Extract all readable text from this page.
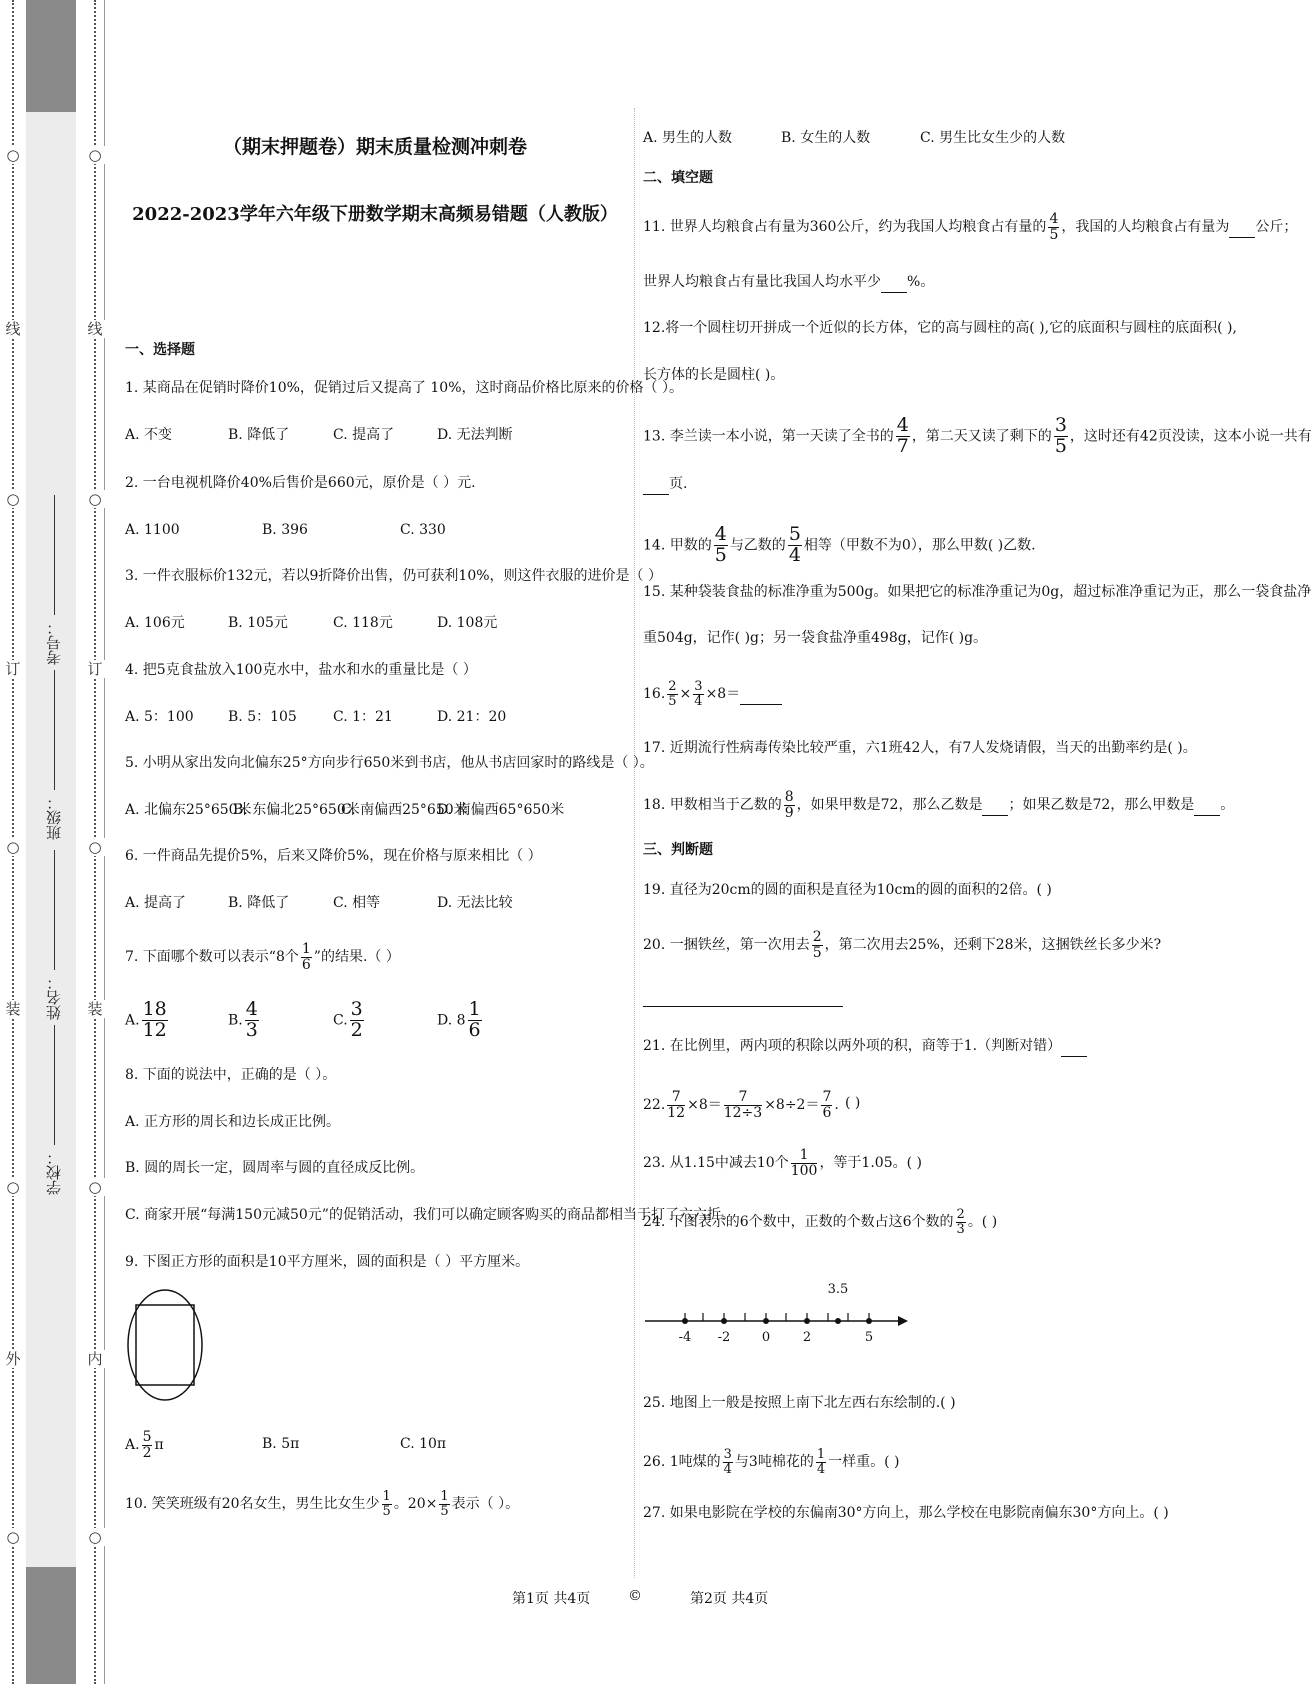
○
线
○
订
○
装
○
外
○
○
线
○
订
○
装
○
内
○
考号：
班级：
姓名：
学校：
（期末押题卷）期末质量检测冲刺卷
2022-2023学年六年级下册数学期末高频易错题（人教版）
一、选择题
1. 某商品在促销时降价10%，促销过后又提高了 10%，这时商品价格比原来的价格（ ）。
A. 不变	B. 降低了	C. 提高了	D. 无法判断
2. 一台电视机降价40%后售价是660元，原价是（ ）元.
A. 1100	B. 396	C. 330
3. 一件衣服标价132元，若以9折降价出售，仍可获利10%，则这件衣服的进价是（ ）
A. 106元	B. 105元	C. 118元	D. 108元
4. 把5克食盐放入100克水中，盐水和水的重量比是（ ）
A. 5：100 B. 5：105	C. 1：21	D. 21：20
5. 小明从家出发向北偏东25°方向步行650米到书店，他从书店回家时的路线是（ ）。
A. 北偏东25°650米
B. 东偏北25°650米
C. 南偏西25°650米
D. 南偏西65°650米
6. 一件商品先提价5%，后来又降价5%，现在价格与原来相比（ ）
A. 提高了	B. 降低了	C. 相等	D. 无法比较
7. 下面哪个数可以表示“8个 $\frac{1}{6}$ ”的结果.（ ）
A. $\frac{18}{12}$	B. $\frac{4}{3}$	C. $\frac{3}{2}$	D. $8 \frac{1}{6}$
8. 下面的说法中，正确的是（ ）。
A. 正方形的周长和边长成正比例。
B. 圆的周长一定，圆周率与圆的直径成反比例。
C. 商家开展“每满150元减50元”的促销活动，我们可以确定顾客购买的商品都相当于打了六六折。
9. 下图正方形的面积是10平方厘米，圆的面积是（ ）平方厘米。
A. $\frac{5}{2}$ π	B. 5π	C. 10π
10. 笑笑班级有20名女生，男生比女生少 $\frac{1}{5}$ 。$20\times \frac{1}{5}$ 表示（ ）。
A. 男生的人数	B. 女生的人数	C. 男生比女生少的人数
二、填空题
11. 世界人均粮食占有量为360公斤，约为我国人均粮食占有量的 $\frac{4}{5}$ ，我国的人均粮食占有量为 公斤；
世界人均粮食占有量比我国人均水平少 %。
12.将一个圆柱切开拼成一个近似的长方体，它的高与圆柱的高( ),它的底面积与圆柱的底面积( ),
长方体的长是圆柱( )。
13. 李兰读一本小说，第一天读了全书的 $\frac{4}{7}$ ，第二天又读了剩下的 $\frac{3}{5}$ ，这时还有42页没读，这本小说一共有
页.
14. 甲数的 $\frac{4}{5}$ 与乙数的 $\frac{5}{4}$ 相等（甲数不为0），那么甲数( )乙数.
15. 某种袋装食盐的标准净重为500g。如果把它的标准净重记为0g，超过标准净重记为正，那么一袋食盐净
重504g，记作( )g；另一袋食盐净重498g，记作( )g。
16. $\frac{2}{5} \times \frac{3}{4} \times 8=$
17. 近期流行性病毒传染比较严重，六1班42人，有7人发烧请假，当天的出勤率约是( )。
18. 甲数相当于乙数的 $\frac{8}{9}$ ，如果甲数是72，那么乙数是 ；如果乙数是72，那么甲数是 。
三、判断题
19. 直径为20cm的圆的面积是直径为10cm的圆的面积的2倍。( )
20. 一捆铁丝，第一次用去 $\frac{2}{5}$ ，第二次用去25%，还剩下28米，这捆铁丝长多少米?
21. 在比例里，两内项的积除以两外项的积，商等于1.（判断对错）
22. $\frac{7}{12} \times 8= \frac{7}{12\div 3} \times 8\div 2= \frac{7}{6}$ . ( )
23. 从1.15中减去10个 $\frac{1}{100}$ ，等于1.05。( )
24. 下图表示的6个数中，正数的个数占这6个数的 $\frac{2}{3}$ 。( )
-4 -2 0	2	5
3.5
25. 地图上一般是按照上南下北左西右东绘制的.( )
26. 1吨煤的 $\frac{3}{4}$ 与3吨棉花的 $\frac{1}{4}$ 一样重。( )
27. 如果电影院在学校的东偏南30°方向上，那么学校在电影院南偏东30°方向上。( )
第1页 共4页	©	第2页 共4页
